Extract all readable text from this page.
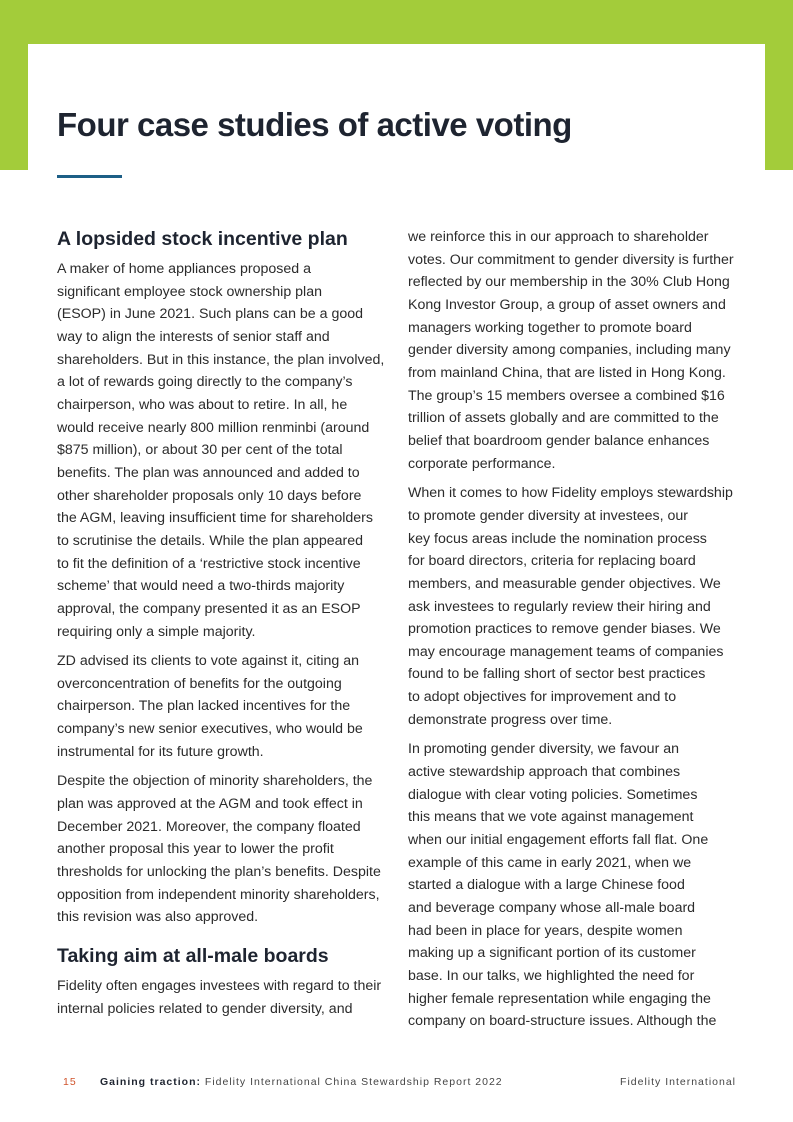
Four case studies of active voting
A lopsided stock incentive plan

A maker of home appliances proposed a
significant employee stock ownership plan
(ESOP) in June 2021. Such plans can be a good
way to align the interests of senior staff and
shareholders. But in this instance, the plan involved,
a lot of rewards going directly to the company’s
chairperson, who was about to retire. In all, he
would receive nearly 800 million renminbi (around
$875 million), or about 30 per cent of the total
benefits. The plan was announced and added to
other shareholder proposals only 10 days before
the AGM, leaving insufficient time for shareholders
to scrutinise the details. While the plan appeared
to fit the definition of a ‘restrictive stock incentive
scheme’ that would need a two-thirds majority
approval, the company presented it as an ESOP
requiring only a simple majority.

ZD advised its clients to vote against it, citing an
overconcentration of benefits for the outgoing
chairperson. The plan lacked incentives for the
company’s new senior executives, who would be
instrumental for its future growth.

Despite the objection of minority shareholders, the
plan was approved at the AGM and took effect in
December 2021. Moreover, the company floated
another proposal this year to lower the profit
thresholds for unlocking the plan’s benefits. Despite
opposition from independent minority shareholders,
this revision was also approved.

Taking aim at all-male boards

Fidelity often engages investees with regard to their
internal policies related to gender diversity, and

we reinforce this in our approach to shareholder
votes. Our commitment to gender diversity is further
reflected by our membership in the 30% Club Hong
Kong Investor Group, a group of asset owners and
managers working together to promote board
gender diversity among companies, including many
from mainland China, that are listed in Hong Kong.
The group’s 15 members oversee a combined $16
trillion of assets globally and are committed to the
belief that boardroom gender balance enhances
corporate performance.

When it comes to how Fidelity employs stewardship
to promote gender diversity at investees, our
key focus areas include the nomination process
for board directors, criteria for replacing board
members, and measurable gender objectives. We
ask investees to regularly review their hiring and
promotion practices to remove gender biases. We
may encourage management teams of companies
found to be falling short of sector best practices
to adopt objectives for improvement and to
demonstrate progress over time.

In promoting gender diversity, we favour an
active stewardship approach that combines
dialogue with clear voting policies. Sometimes
this means that we vote against management
when our initial engagement efforts fall flat. One
example of this came in early 2021, when we
started a dialogue with a large Chinese food
and beverage company whose all-male board
had been in place for years, despite women
making up a significant portion of its customer
base. In our talks, we highlighted the need for
higher female representation while engaging the
company on board-structure issues. Although the

15 Gaining traction: Fidelity International China Stewardship Report 2022	Fidelity International
